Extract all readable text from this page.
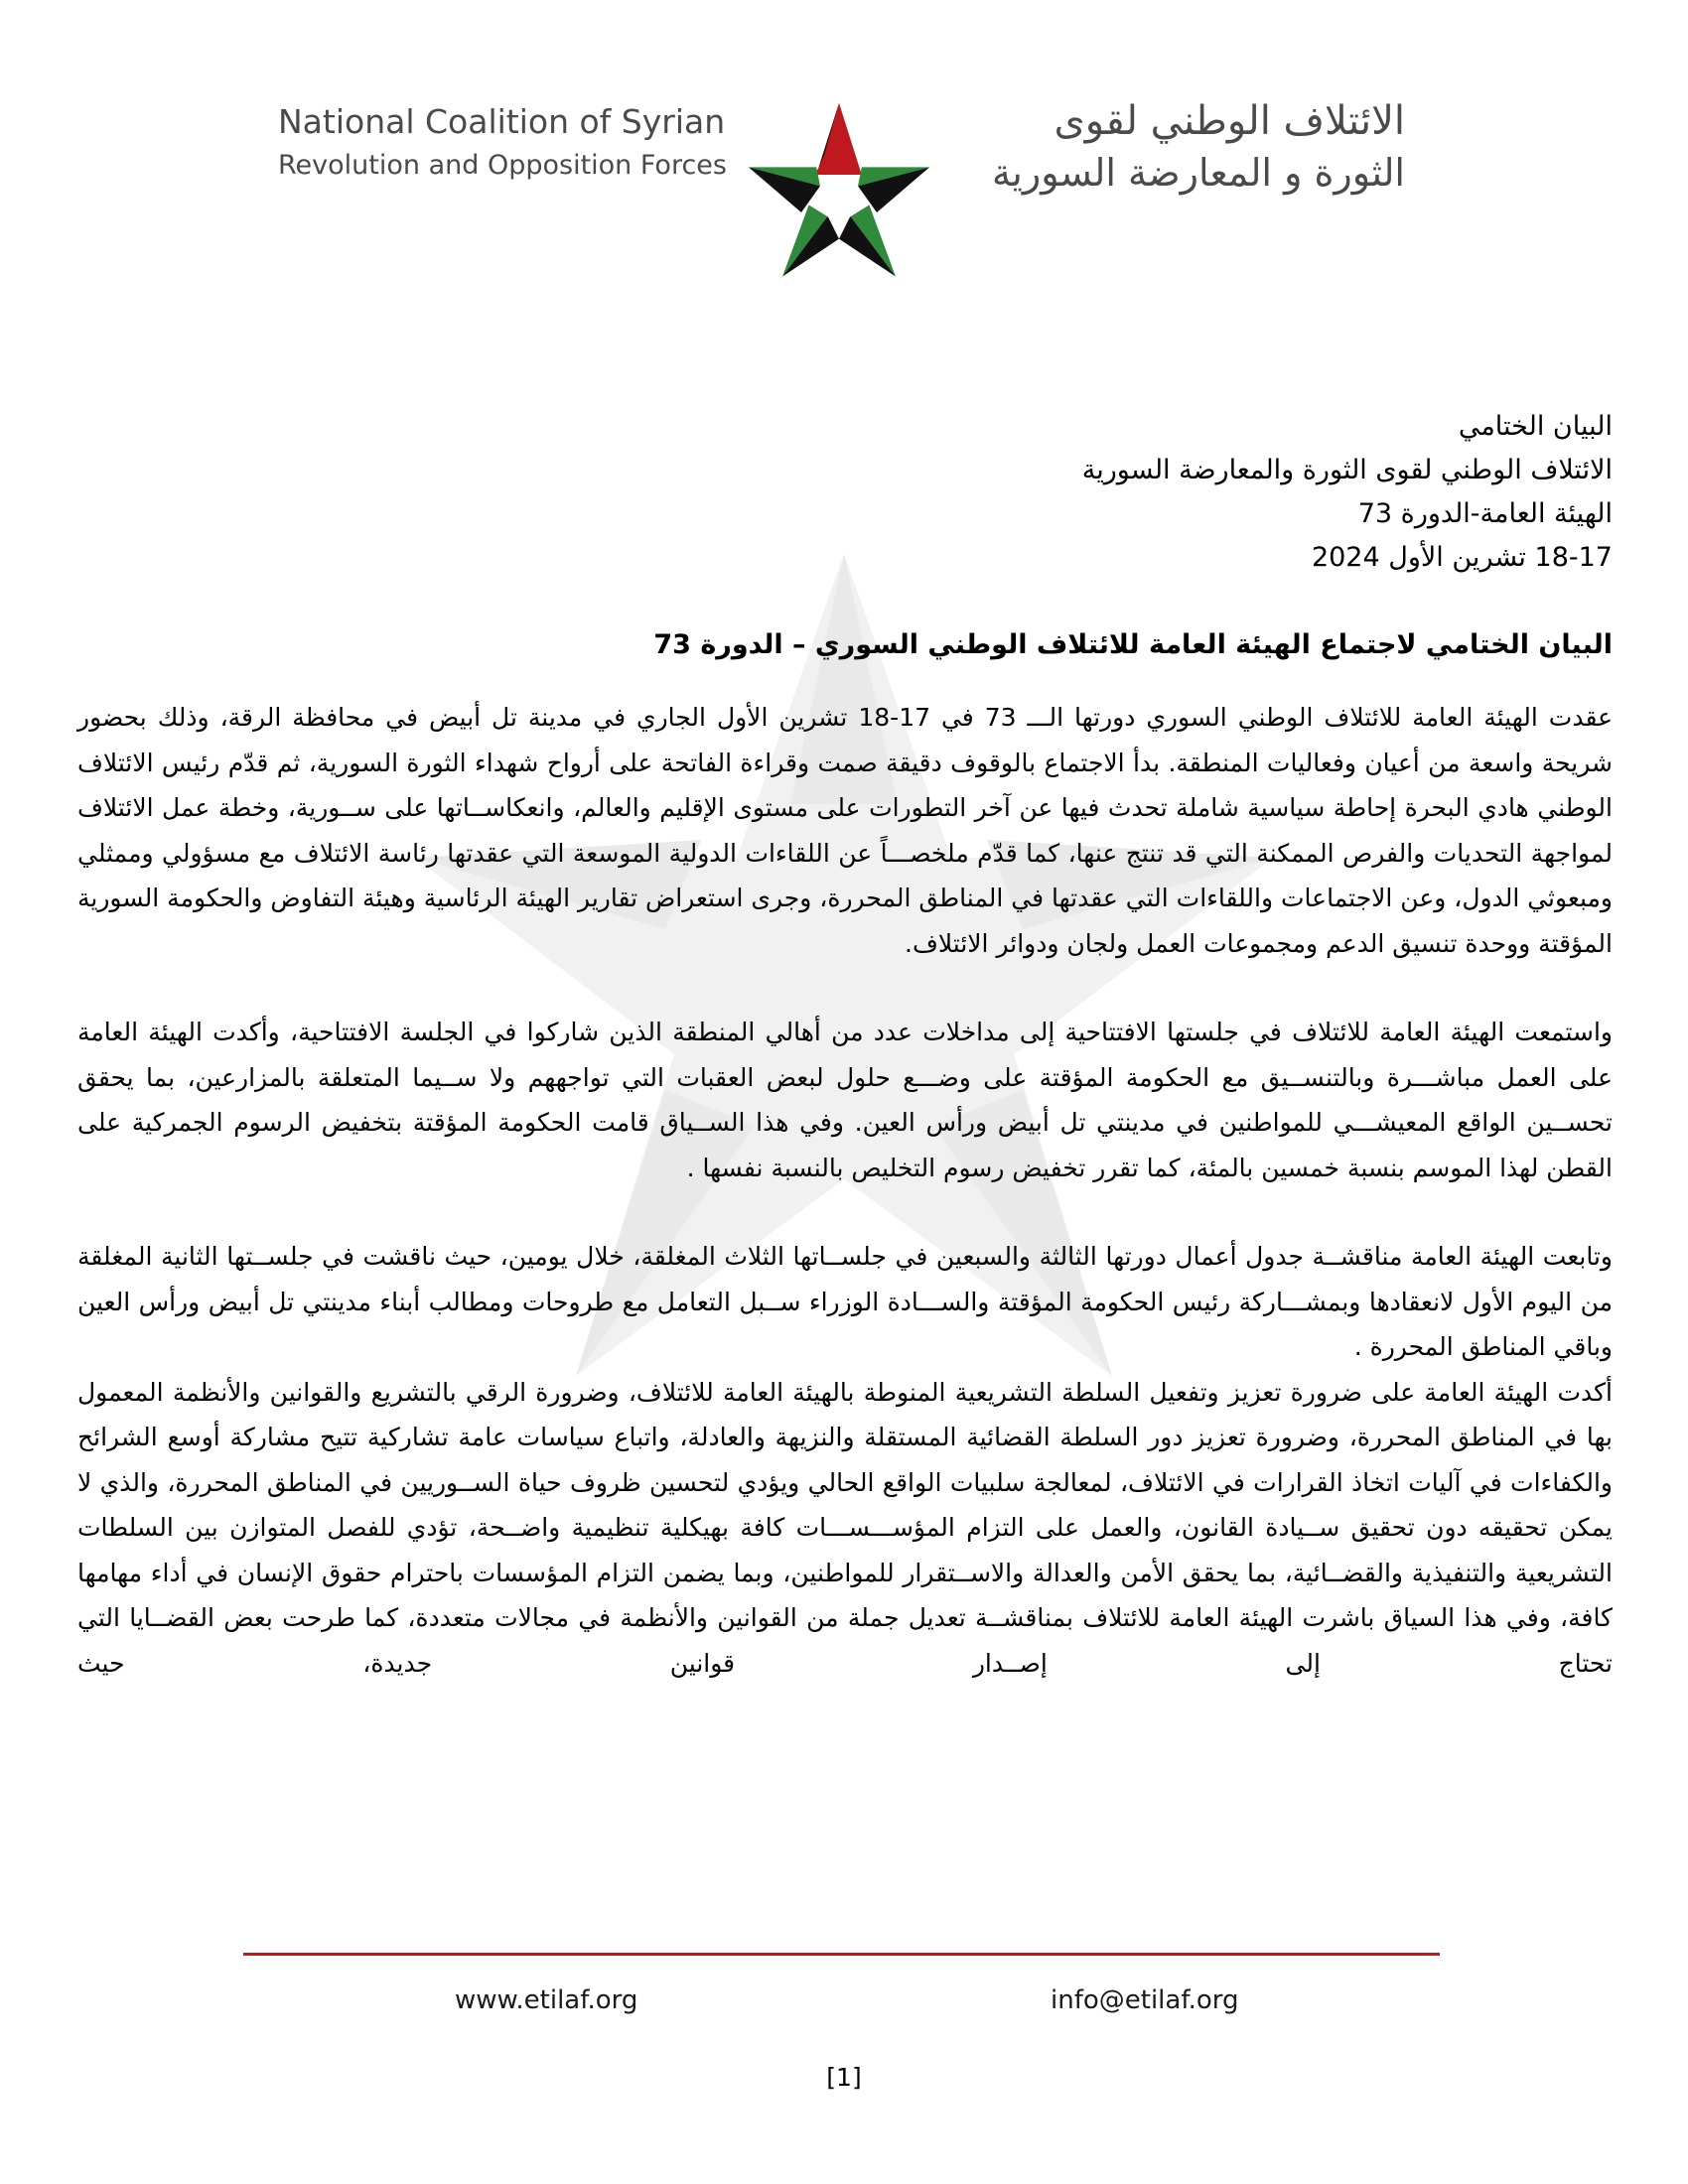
National Coalition of Syrian
Revolution and Opposition Forces
الائتلاف الوطني لقوى
الثورة و المعارضة السورية

البيان الختامي

الائتلاف الوطني لقوى الثورة والمعارضة السورية

الهيئة العامة-الدورة 73

18-17 تشرين الأول 2024

البيان الختامي لاجتماع الهيئة العامة للائتلاف الوطني السوري – الدورة 73

عقدت الهيئة العامة للائتلاف الوطني السوري دورتها الـــ 73 في 17-18 تشرين الأول الجاري في مدينة تل أبيض في محافظة الرقة، وذلك بحضور شريحة واسعة من أعيان وفعاليات المنطقة. بدأ الاجتماع بالوقوف دقيقة صمت وقراءة الفاتحة على أرواح شهداء الثورة السورية، ثم قدّم رئيس الائتلاف الوطني هادي البحرة إحاطة سياسية شاملة تحدث فيها عن آخر التطورات على مستوى الإقليم والعالم، وانعكاســاتها على ســورية، وخطة عمل الائتلاف لمواجهة التحديات والفرص الممكنة التي قد تنتج عنها، كما قدّم ملخصـــاً عن اللقاءات الدولية الموسعة التي عقدتها رئاسة الائتلاف مع مسؤولي وممثلي ومبعوثي الدول، وعن الاجتماعات واللقاءات التي عقدتها في المناطق المحررة، وجرى استعراض تقارير الهيئة الرئاسية وهيئة التفاوض والحكومة السورية المؤقتة ووحدة تنسيق الدعم ومجموعات العمل ولجان ودوائر الائتلاف.

واستمعت الهيئة العامة للائتلاف في جلستها الافتتاحية إلى مداخلات عدد من أهالي المنطقة الذين شاركوا في الجلسة الافتتاحية، وأكدت الهيئة العامة على العمل مباشـــرة وبالتنســيق مع الحكومة المؤقتة على وضـــع حلول لبعض العقبات التي تواجههم ولا ســيما المتعلقة بالمزارعين، بما يحقق تحســين الواقع المعيشـــي للمواطنين في مدينتي تل أبيض ورأس العين. وفي هذا الســياق قامت الحكومة المؤقتة بتخفيض الرسوم الجمركية على القطن لهذا الموسم بنسبة خمسين بالمئة، كما تقرر تخفيض رسوم التخليص بالنسبة نفسها .

وتابعت الهيئة العامة مناقشــة جدول أعمال دورتها الثالثة والسبعين في جلســاتها الثلاث المغلقة، خلال يومين، حيث ناقشت في جلســتها الثانية المغلقة من اليوم الأول لانعقادها وبمشـــاركة رئيس الحكومة المؤقتة والســـادة الوزراء ســبل التعامل مع طروحات ومطالب أبناء مدينتي تل أبيض ورأس العين وباقي المناطق المحررة .

أكدت الهيئة العامة على ضرورة تعزيز وتفعيل السلطة التشريعية المنوطة بالهيئة العامة للائتلاف، وضرورة الرقي بالتشريع والقوانين والأنظمة المعمول بها في المناطق المحررة، وضرورة تعزيز دور السلطة القضائية المستقلة والنزيهة والعادلة، واتباع سياسات عامة تشاركية تتيح مشاركة أوسع الشرائح والكفاءات في آليات اتخاذ القرارات في الائتلاف، لمعالجة سلبيات الواقع الحالي ويؤدي لتحسين ظروف حياة الســوريين في المناطق المحررة، والذي لا يمكن تحقيقه دون تحقيق ســيادة القانون، والعمل على التزام المؤســـســـات كافة بهيكلية تنظيمية واضــحة، تؤدي للفصل المتوازن بين السلطات التشريعية والتنفيذية والقضــائية، بما يحقق الأمن والعدالة والاســتقرار للمواطنين، وبما يضمن التزام المؤسسات باحترام حقوق الإنسان في أداء مهامها كافة، وفي هذا السياق باشرت الهيئة العامة للائتلاف بمناقشــة تعديل جملة من القوانين والأنظمة في مجالات متعددة، كما طرحت بعض القضــايا التي تحتاج إلى إصــدار قوانين جديدة، حيث

www.etilaf.org	info@etilaf.org
[1]
